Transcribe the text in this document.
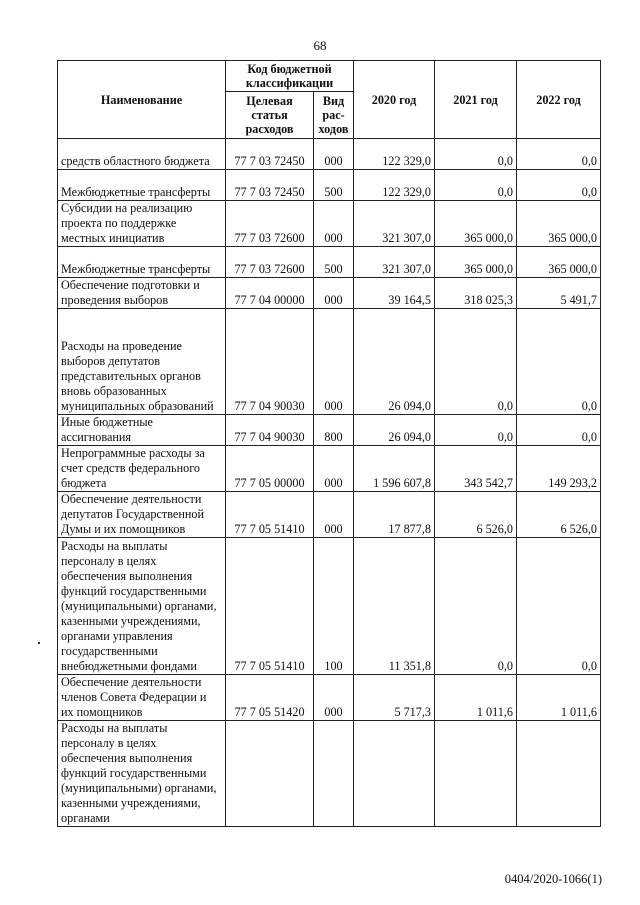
68
Наименование	Код бюджетной классификации		2020 год	2021 год	2022 год
	Целевая статья расходов	Вид рас-ходов			
средств областного бюджета	77 7 03 72450	000	122 329,0	0,0	0,0
Межбюджетные трансферты	77 7 03 72450	500	122 329,0	0,0	0,0
Субсидии на реализацию проекта по поддержке местных инициатив	77 7 03 72600	000	321 307,0	365 000,0	365 000,0
Межбюджетные трансферты	77 7 03 72600	500	321 307,0	365 000,0	365 000,0
Обеспечение подготовки и проведения выборов	77 7 04 00000	000	39 164,5	318 025,3	5 491,7
Расходы на проведение выборов депутатов представительных органов вновь образованных муниципальных образований	77 7 04 90030	000	26 094,0	0,0	0,0
Иные бюджетные ассигнования	77 7 04 90030	800	26 094,0	0,0	0,0
Непрограммные расходы за счет средств федерального бюджета	77 7 05 00000	000	1 596 607,8	343 542,7	149 293,2
Обеспечение деятельности депутатов Государственной Думы и их помощников	77 7 05 51410	000	17 877,8	6 526,0	6 526,0
Расходы на выплаты персоналу в целях обеспечения выполнения функций государственными (муниципальными) органами, казенными учреждениями, органами управления государственными внебюджетными фондами	77 7 05 51410	100	11 351,8	0,0	0,0
Обеспечение деятельности членов Совета Федерации и их помощников	77 7 05 51420	000	5 717,3	1 011,6	1 011,6
Расходы на выплаты персоналу в целях обеспечения выполнения функций государственными (муниципальными) органами, казенными учреждениями, органами					
0404/2020-1066(1)
